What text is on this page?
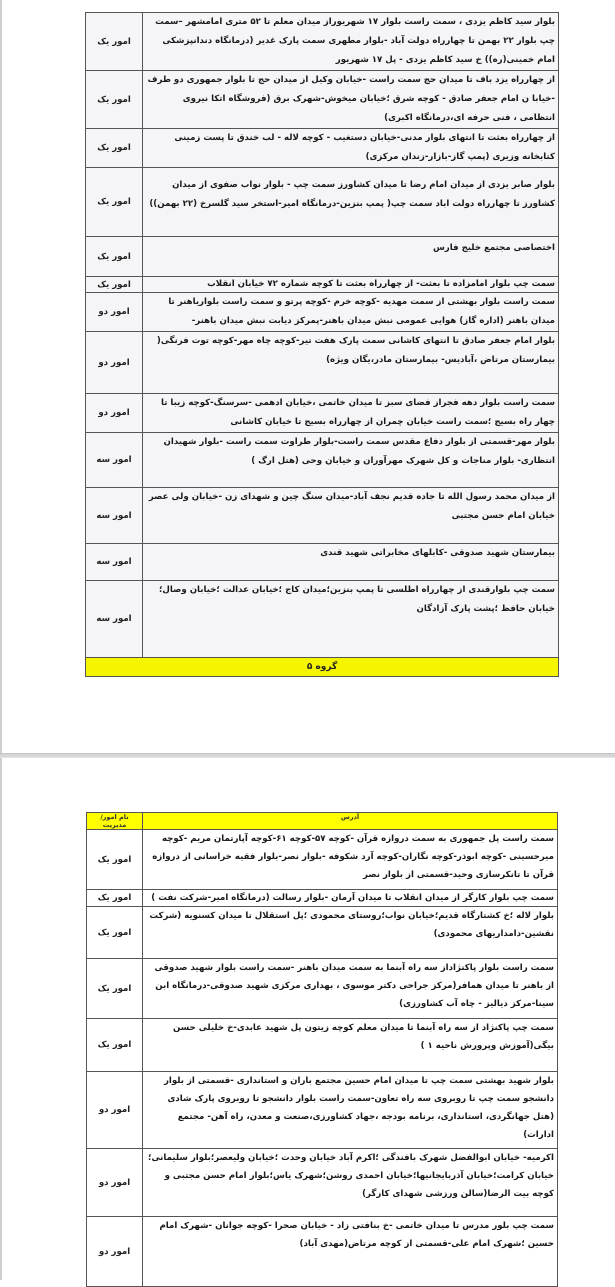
بلوار سید کاظم یزدی ، سمت راست بلوار ۱۷ شهریوراز میدان معلم تا ۵۲ متری امامشهر –سمت چپ بلوار ۲۲ بهمن تا چهارراه دولت آباد -بلوار مطهری سمت پارک غدیر (درمانگاه دندانپزشکی امام خمینی(ره)) خ سید کاظم یزدی - پل ۱۷ شهریور	امور یک
از چهارراه یزد باف تا میدان حج سمت راست -خیابان وکیل از میدان حج تا بلوار جمهوری دو طرف -خیابا ن امام جعفر صادق - کوچه شرق ؛خیابان میخوش-شهرک برق (فروشگاه اتکا نیروی انتظامی ، فنی حرفه ای،درمانگاه اکبری)	امور یک
از چهارراه بعثت تا انتهای بلوار مدنی-خیابان دستغیب - کوچه لاله - لب خندق تا پست زمینی کتابخانه وزیری (پمپ گاز-بازار-زندان مرکزی)	امور یک
بلوار صابر یزدی از میدان امام رضا تا میدان کشاورز سمت چپ - بلوار نواب صفوی از میدان کشاورز تا چهارراه دولت اباد سمت چپ( پمپ بنزین-درمانگاه امیر-استخر سید گلسرخ (۲۲ بهمن))	امور یک
اختصاصی مجتمع خلیج فارس	امور یک
سمت چپ بلوار امامزاده تا بعثت- از چهارراه بعثت تا کوچه شماره ۷۲ خیابان انقلاب	امور یک
سمت راست بلوار بهشتی از سمت مهدیه -کوچه خرم -کوچه پرتو و سمت راست بلواریاهنر تا میدان باهنر (اداره گاز) هوایی عمومی نبش میدان باهنر-پمرکز دیابت نبش میدان باهنر-	امور دو
بلوار امام جعفر صادق تا انتهای کاشانی سمت پارک هفت تیر-کوچه چاه مهر-کوچه توت فرنگی( بیمارستان مرتاض ،آبادیس- بیمارستان مادر،یگان ویژه)	امور دو
سمت راست بلوار دهه فجراز فضای سبز تا میدان خاتمی ،خیابان ادهمی -سرسنگ-کوچه زیبا تا چهار راه بسیج ؛سمت راست خیابان چمران از چهارراه بسیج تا خیابان کاشانی	امور دو
بلوار مهر-قسمتی از بلوار دفاع مقدس سمت راست-بلوار طراوت سمت راست -بلوار شهیدان انتظاری- بلوار مناجات و کل شهرک مهرآوران و خیابان وحی (هتل ارگ )	امور سه
از میدان محمد رسول الله تا جاده قدیم نجف آباد-میدان سنگ چین و شهدای زن -خیابان ولی عصر خیابان امام حسن مجتبی	امور سه
بیمارستان شهید صدوقی -کابلهای مخابراتی شهید قندی	امور سه
سمت چپ بلوارقندی از چهارراه اطلسی تا پمپ بنزین؛میدان کاج ؛خیابان عدالت ؛خیابان وصال؛خیابان حافظ ؛پشت پارک آزادگان	امور سه
گروه ۵	
آدرس	نام امور/مدیریت
سمت راست پل جمهوری به سمت دروازه قرآن -کوچه ۵۷-کوچه ۶۱-کوچه آپارتمان مریم -کوچه میرحسینی -کوچه ابوذر-کوچه نگاران-کوچه آرد شکوفه -بلوار نصر-بلوار فقیه خراسانی از دروازه قرآن تا تانکرسازی وحید-قسمتی از بلوار نصر	امور یک
سمت چپ بلوار کارگر از میدان انقلاب تا میدان آرمان -بلوار رسالت (درمانگاه امیر-شرکت نفت )	امور یک
بلوار لاله ؛خ کشتارگاه قدیم؛خیابان نواب؛روستای محمودی ؛پل استقلال تا میدان کسنویه (شرکت نقشین-دامداریهای محمودی)	امور یک
سمت راست بلوار پاکنژاداز سه راه آبنما به سمت میدان باهنر -سمت راست بلوار شهید صدوقی از باهنر تا میدان همافر(مرکز جراحی دکتر موسوی ، بهداری مرکزی شهید صدوقی-درمانگاه ابن سینا-مرکز دیالیز - چاه آب کشاورزی)	امور یک
سمت چپ پاکنژاد از سه راه آبنما تا میدان معلم کوچه زیتون پل شهید عابدی-خ خلیلی حسن بیگی(آموزش وپرورش ناحیه ۱ )	امور یک
بلوار شهید بهشتی سمت چپ تا میدان امام حسین مجتمع باران و استانداری -قسمتی از بلوار دانشجو سمت چپ تا روبروی سه راه تعاون-سمت راست بلوار دانشجو تا روبروی پارک شادی (هتل جهانگردی، استانداری، برنامه بودجه ،جهاد کشاورزی،صنعت و معدن، راه آهن- مجتمع ادارات)	امور دو
اکرمیه- خیابان ابوالفضل شهرک بافندگی ؛اکرم آباد خیابان وحدت ؛خیابان ولیعصر؛بلوار سلیمانی؛ خیابان کرامت؛خیابان آذربایجانیها؛خیابان احمدی روشن؛شهرک یاس؛بلوار امام حسن مجتبی و کوچه بیت الرضا(سالن ورزشی شهدای کارگر)	امور دو
سمت چپ بلور مدرس تا میدان خاتمی -خ بنافتی زاد - خیابان صحرا -کوچه جوانان -شهرک امام حسین ؛شهرک امام علی-قسمتی از کوچه مرتاض(مهدی آباد)	امور دو
